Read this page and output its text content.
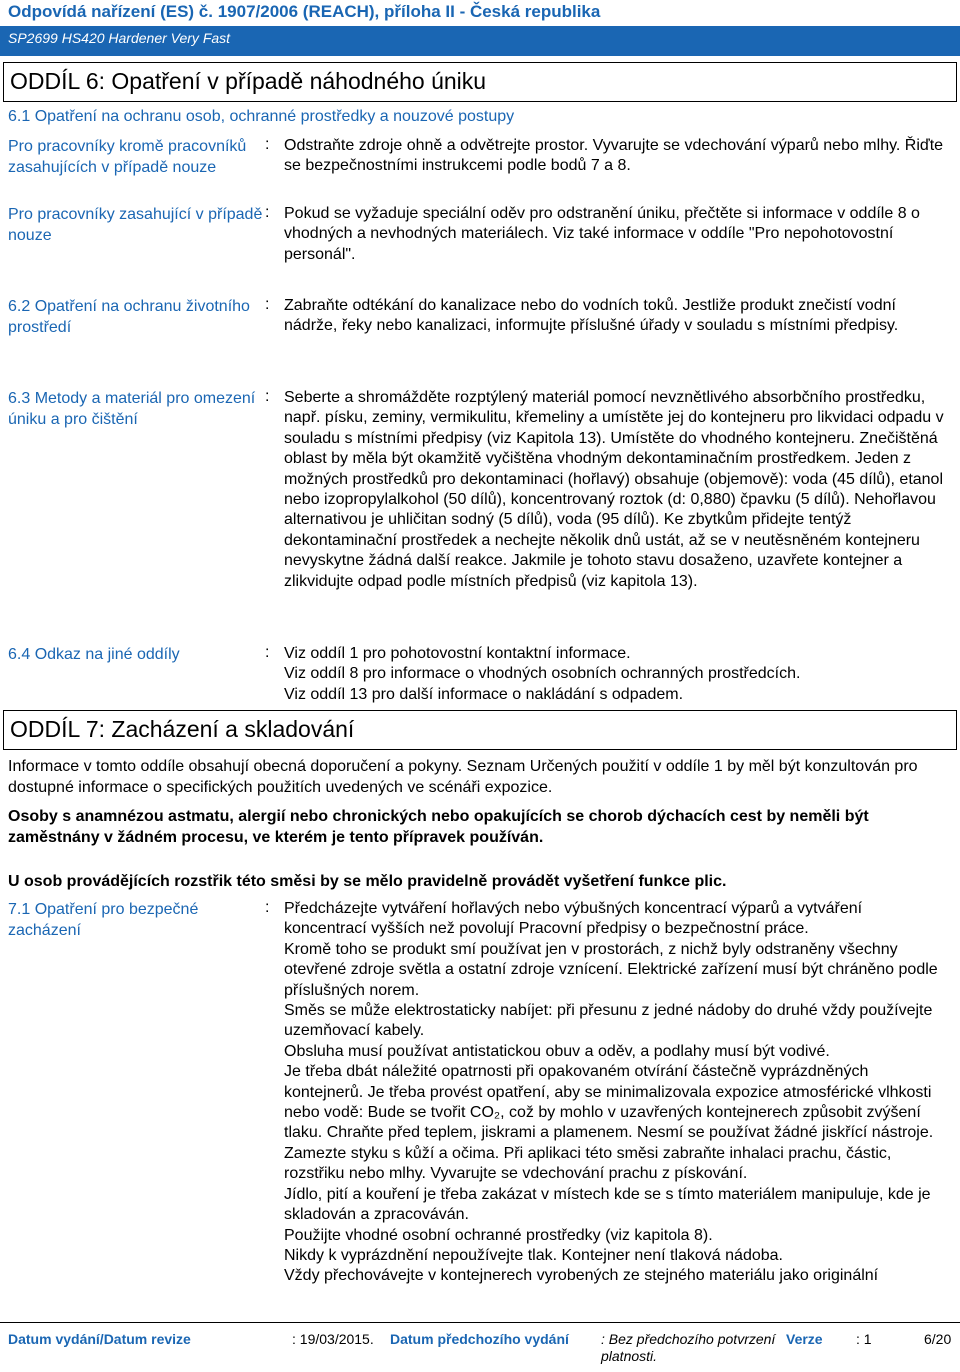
Odpovídá nařízení (ES) č. 1907/2006 (REACH), příloha II - Česká republika
SP2699 HS420 Hardener Very Fast
ODDÍL 6: Opatření v případě náhodného úniku
6.1 Opatření na ochranu osob, ochranné prostředky a nouzové postupy
Pro pracovníky kromě pracovníků zasahujících v případě nouze
: Odstraňte zdroje ohně a odvětrejte prostor. Vyvarujte se vdechování výparů nebo mlhy. Řiďte se bezpečnostními instrukcemi podle bodů 7 a 8.
Pro pracovníky zasahující v případě nouze
: Pokud se vyžaduje speciální oděv pro odstranění úniku, přečtěte si informace v oddíle 8 o vhodných a nevhodných materiálech. Viz také informace v oddíle "Pro nepohotovostní personál".
6.2 Opatření na ochranu životního prostředí
: Zabraňte odtékání do kanalizace nebo do vodních toků. Jestliže produkt znečistí vodní nádrže, řeky nebo kanalizaci, informujte příslušné úřady v souladu s místními předpisy.
6.3 Metody a materiál pro omezení úniku a pro čištění
: Seberte a shromážděte rozptýlený materiál pomocí nevznětlivého absorbčního prostředku, např. písku, zeminy, vermikulitu, křemeliny a umístěte jej do kontejneru pro likvidaci odpadu v souladu s místními předpisy (viz Kapitola 13). Umístěte do vhodného kontejneru. Znečištěná oblast by měla být okamžitě vyčištěna vhodným dekontaminačním prostředkem. Jeden z možných prostředků pro dekontaminaci (hořlavý) obsahuje (objemově): voda (45 dílů), etanol nebo izopropylalkohol (50 dílů), koncentrovaný roztok (d: 0,880) čpavku (5 dílů). Nehořlavou alternativou je uhličitan sodný (5 dílů), voda (95 dílů). Ke zbytkům přidejte tentýž dekontaminační prostředek a nechejte několik dnů ustát, až se v neutěsněném kontejneru nevyskytne žádná další reakce. Jakmile je tohoto stavu dosaženo, uzavřete kontejner a zlikvidujte odpad podle místních předpisů (viz kapitola 13).
6.4 Odkaz na jiné oddíly	: Viz oddíl 1 pro pohotovostní kontaktní informace.
Viz oddíl 8 pro informace o vhodných osobních ochranných prostředcích.
Viz oddíl 13 pro další informace o nakládání s odpadem.
ODDÍL 7: Zacházení a skladování
Informace v tomto oddíle obsahují obecná doporučení a pokyny. Seznam Určených použití v oddíle 1 by měl být konzultován pro dostupné informace o specifických použitích uvedených ve scénáři expozice.
Osoby s anamnézou astmatu, alergií nebo chronických nebo opakujících se chorob dýchacích cest by neměli být zaměstnány v žádném procesu, ve kterém je tento přípravek používán.
U osob provádějících rozstřik této směsi by se mělo pravidelně provádět vyšetření funkce plic.
7.1 Opatření pro bezpečné zacházení
: Předcházejte vytváření hořlavých nebo výbušných koncentrací výparů a vytváření koncentrací vyšších než povolují Pracovní předpisy o bezpečnostní práce.
Kromě toho se produkt smí používat jen v prostorách, z nichž byly odstraněny všechny otevřené zdroje světla a ostatní zdroje vznícení. Elektrické zařízení musí být chráněno podle příslušných norem.
Směs se může elektrostaticky nabíjet: při přesunu z jedné nádoby do druhé vždy používejte uzemňovací kabely.
Obsluha musí používat antistatickou obuv a oděv, a podlahy musí být vodivé.
Je třeba dbát náležité opatrnosti při opakovaném otvírání částečně vyprázdněných kontejnerů. Je třeba provést opatření, aby se minimalizovala expozice atmosférické vlhkosti nebo vodě: Bude se tvořit CO₂, což by mohlo v uzavřených kontejnerech způsobit zvýšení tlaku. Chraňte před teplem, jiskrami a plamenem. Nesmí se používat žádné jiskřící nástroje.
Zamezte styku s kůží a očima. Při aplikaci této směsi zabraňte inhalaci prachu, částic, rozstřiku nebo mlhy. Vyvarujte se vdechování prachu z pískování.
Jídlo, pití a kouření je třeba zakázat v místech kde se s tímto materiálem manipuluje, kde je skladován a zpracováván.
Použijte vhodné osobní ochranné prostředky (viz kapitola 8).
Nikdy k vyprázdnění nepoužívejte tlak. Kontejner není tlaková nádoba.
Vždy přechovávejte v kontejnerech vyrobených ze stejného materiálu jako originální
Datum vydání/Datum revize	: 19/03/2015. Datum předchozího vydání : Bez předchozího potvrzení platnosti.
Verze : 1	6/20
